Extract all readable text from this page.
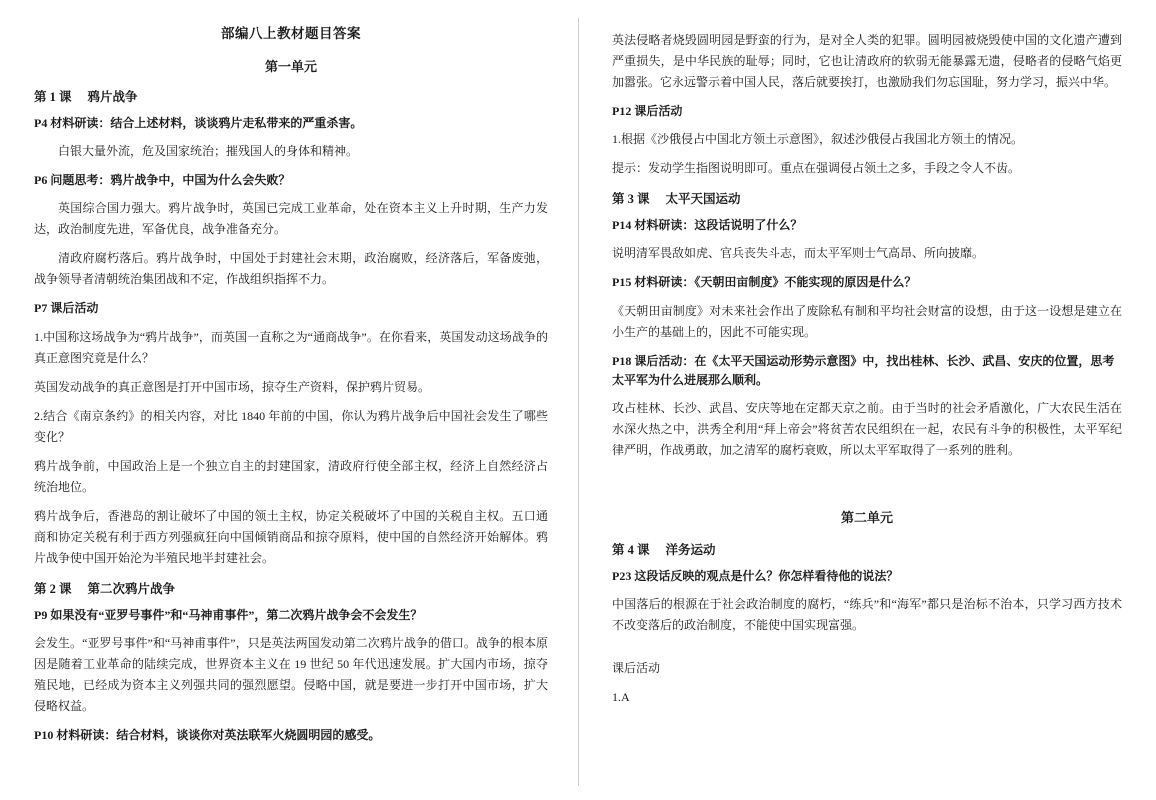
部编八上教材题目答案
第一单元
第 1 课 鸦片战争
P4 材料研读：结合上述材料，谈谈鸦片走私带来的严重杀害。
白银大量外流，危及国家统治；摧残国人的身体和精神。
P6 问题思考：鸦片战争中，中国为什么会失败？
英国综合国力强大。鸦片战争时，英国已完成工业革命，处在资本主义上升时期，生产力发达，政治制度先进，军备优良，战争准备充分。
清政府腐朽落后。鸦片战争时，中国处于封建社会末期，政治腐败，经济落后，军备废弛，战争领导者清朝统治集团战和不定，作战组织指挥不力。
P7 课后活动
1.中国称这场战争为“鸦片战争”，而英国一直称之为“通商战争”。在你看来，英国发动这场战争的真正意图究竟是什么？
英国发动战争的真正意图是打开中国市场，掠夺生产资料，保护鸦片贸易。
2.结合《南京条约》的相关内容，对比 1840 年前的中国，你认为鸦片战争后中国社会发生了哪些变化？
鸦片战争前，中国政治上是一个独立自主的封建国家，清政府行使全部主权，经济上自然经济占统治地位。
鸦片战争后，香港岛的割让破坏了中国的领土主权，协定关税破坏了中国的关税自主权。五口通商和协定关税有利于西方列强疯狂向中国倾销商品和掠夺原料，使中国的自然经济开始解体。鸦片战争使中国开始沦为半殖民地半封建社会。
第 2 课 第二次鸦片战争
P9 如果没有“亚罗号事件”和“马神甫事件”，第二次鸦片战争会不会发生？
会发生。“亚罗号事件”和“马神甫事件”，只是英法两国发动第二次鸦片战争的借口。战争的根本原因是随着工业革命的陆续完成，世界资本主义在 19 世纪 50 年代迅速发展。扩大国内市场，掠夺殖民地，已经成为资本主义列强共同的强烈愿望。侵略中国，就是要进一步打开中国市场，扩大侵略权益。
P10 材料研读：结合材料，谈谈你对英法联军火烧圆明园的感受。
英法侵略者烧毁圆明园是野蛮的行为，是对全人类的犯罪。圆明园被烧毁使中国的文化遗产遭到严重损失，是中华民族的耻辱；同时，它也让清政府的软弱无能暴露无遗，侵略者的侵略气焰更加嚣张。它永远警示着中国人民，落后就要挨打，也激励我们勿忘国耻，努力学习，振兴中华。
P12 课后活动
1.根据《沙俄侵占中国北方领土示意图》，叙述沙俄侵占我国北方领土的情况。
提示：发动学生指图说明即可。重点在强调侵占领土之多，手段之令人不齿。
第 3 课 太平天国运动
P14 材料研读：这段话说明了什么？
说明清军畏敌如虎、官兵丧失斗志，而太平军则士气高昂、所向披靡。
P15 材料研读：《天朝田亩制度》不能实现的原因是什么？
《天朝田亩制度》对未来社会作出了废除私有制和平均社会财富的设想，由于这一设想是建立在小生产的基础上的，因此不可能实现。
P18 课后活动：在《太平天国运动形势示意图》中，找出桂林、长沙、武昌、安庆的位置，思考太平军为什么进展那么顺利。
攻占桂林、长沙、武昌、安庆等地在定都天京之前。由于当时的社会矛盾激化，广大农民生活在水深火热之中，洪秀全利用“拜上帝会”将贫苦农民组织在一起，农民有斗争的积极性，太平军纪律严明，作战勇敢，加之清军的腐朽衰败，所以太平军取得了一系列的胜利。
第二单元
第 4 课 洋务运动
P23 这段话反映的观点是什么？你怎样看待他的说法？
中国落后的根源在于社会政治制度的腐朽，“练兵”和“海军”都只是治标不治本，只学习西方技术不改变落后的政治制度，不能使中国实现富强。
课后活动
1.A
